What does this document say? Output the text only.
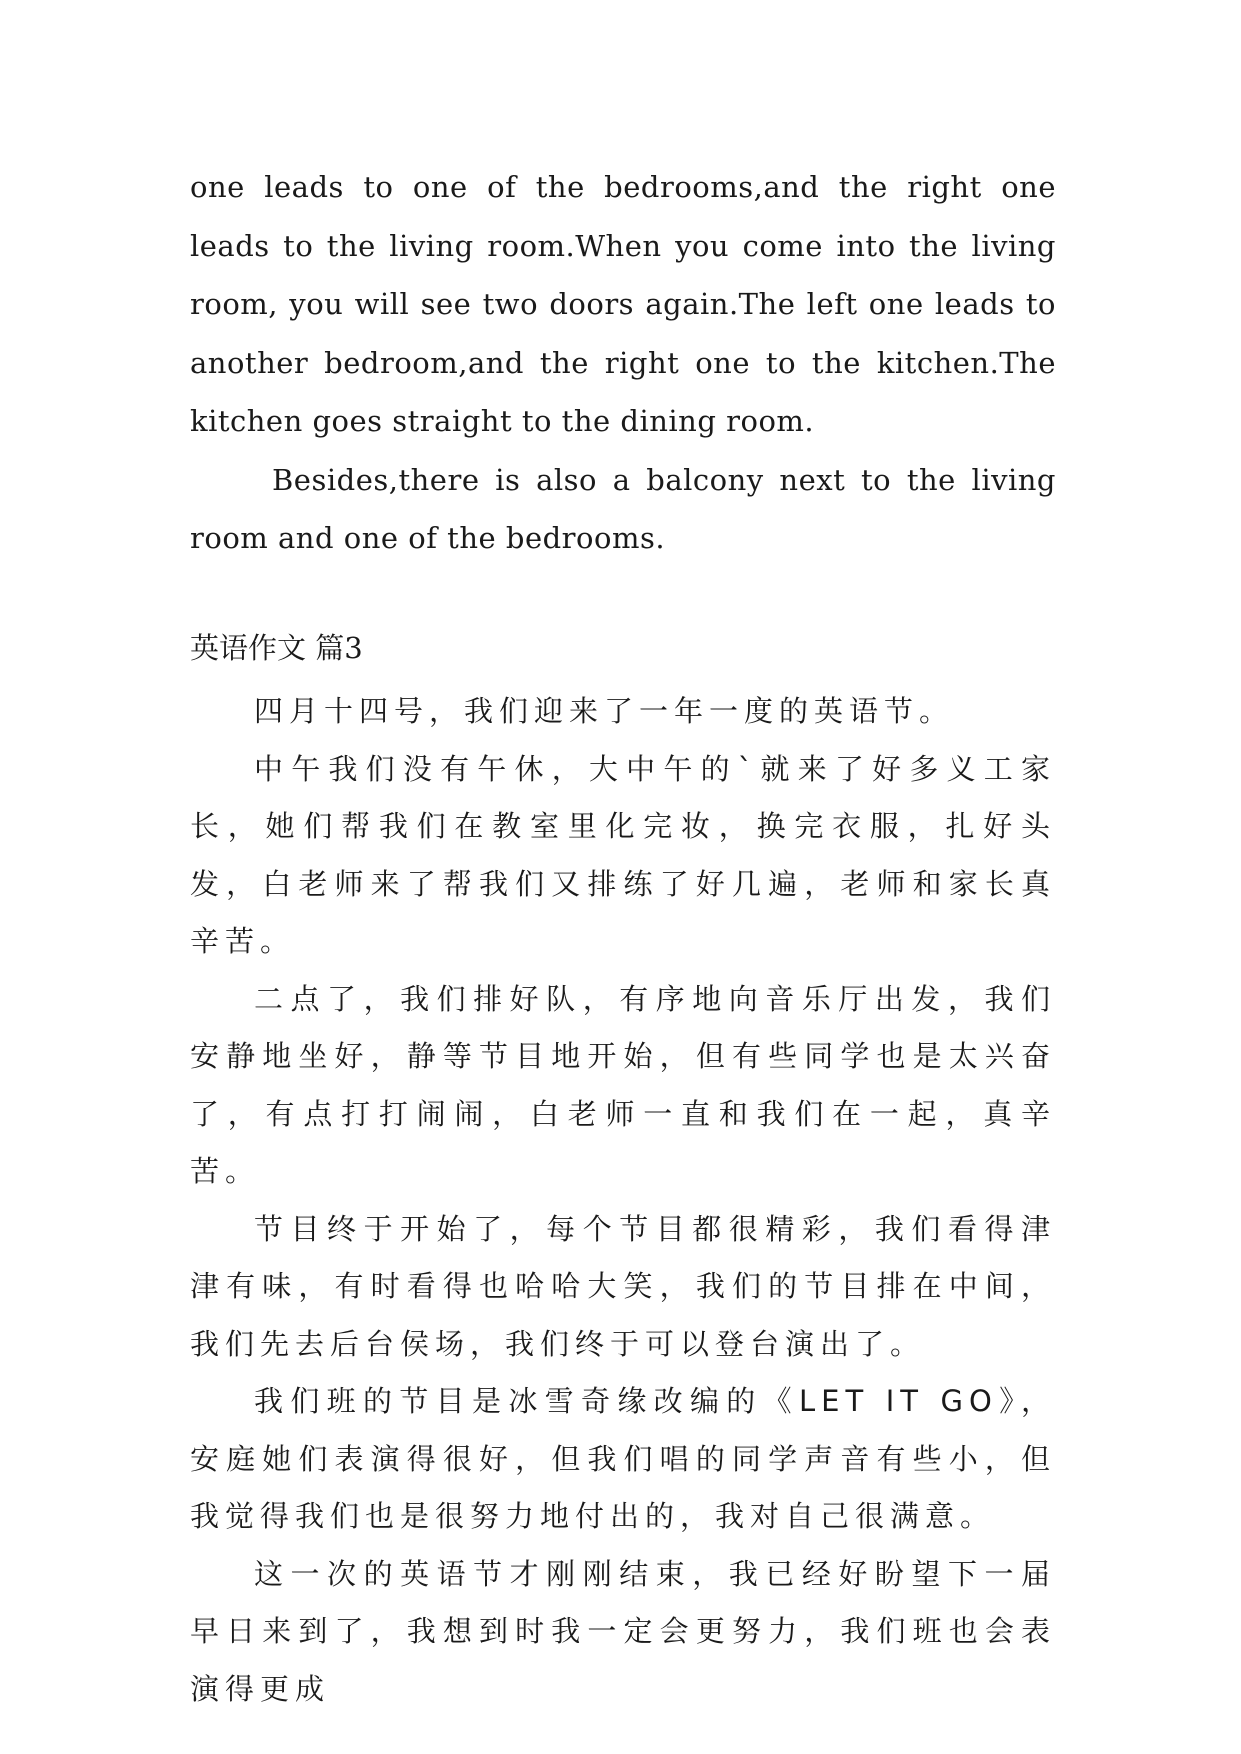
one leads to one of the bedrooms,and the right one leads to the living room.When you come into the living room, you will see two doors again.The left one leads to another bedroom,and the right one to the kitchen.The kitchen goes straight to the dining room.

Besides,there is also a balcony next to the living room and one of the bedrooms.

英语作文 篇3

四月十四号，我们迎来了一年一度的英语节。

中午我们没有午休，大中午的`就来了好多义工家长，她们帮我们在教室里化完妆，换完衣服，扎好头发，白老师来了帮我们又排练了好几遍，老师和家长真辛苦。

二点了，我们排好队，有序地向音乐厅出发，我们安静地坐好，静等节目地开始，但有些同学也是太兴奋了，有点打打闹闹，白老师一直和我们在一起，真辛苦。

节目终于开始了，每个节目都很精彩，我们看得津津有味，有时看得也哈哈大笑，我们的节目排在中间，我们先去后台侯场，我们终于可以登台演出了。

我们班的节目是冰雪奇缘改编的《LET IT GO》，安庭她们表演得很好，但我们唱的同学声音有些小，但我觉得我们也是很努力地付出的，我对自己很满意。

这一次的英语节才刚刚结束，我已经好盼望下一届早日来到了，我想到时我一定会更努力，我们班也会表演得更成
